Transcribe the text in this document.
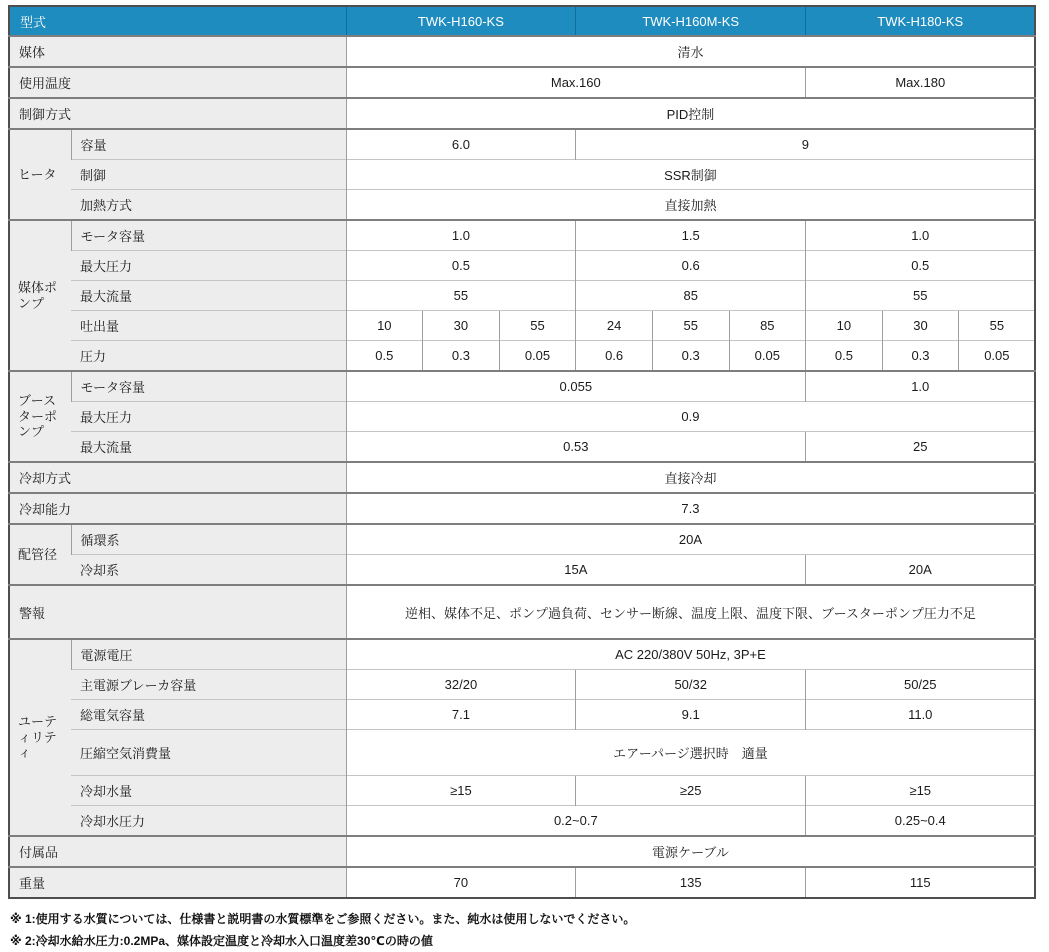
型式		TWK-H160-KS			TWK-H160M-KS			TWK-H180-KS		
媒体		清水								
使用温度		Max.160						Max.180		
制御方式		PID控制								
ヒータ	容量	6.0			9					
	制御	SSR制御								
	加熱方式	直接加熱								
媒体ポンプ	モータ容量	1.0			1.5			1.0		
	最大圧力	0.5			0.6			0.5		
	最大流量	55			85			55		
	吐出量	10	30	55	24	55	85	10	30	55
	圧力	0.5	0.3	0.05	0.6	0.3	0.05	0.5	0.3	0.05
ブースターポンプ	モータ容量	0.055						1.0		
	最大圧力	0.9								
	最大流量	0.53						25		
冷却方式		直接冷却								
冷却能力		7.3								
配管径	循環系	20A								
	冷却系	15A						20A		
警報		逆相、媒体不足、ポンプ過負荷、センサー断線、温度上限、温度下限、ブースターポンプ圧力不足								
ユーティリティ	電源電圧	AC 220/380V 50Hz, 3P+E								
	主電源ブレーカ容量	32/20			50/32			50/25		
	総電気容量	7.1			9.1			11.0		
	圧縮空気消費量	エアーパージ選択時　適量								
	冷却水量	≥15			≥25			≥15		
	冷却水圧力	0.2~0.7						0.25~0.4		
付属品		電源ケーブル								
重量		70			135			115		
※ 1:使用する水質については、仕様書と説明書の水質標準をご参照ください。また、純水は使用しないでください。
※ 2:冷却水給水圧力:0.2MPa、媒体設定温度と冷却水入口温度差30℃の時の値
